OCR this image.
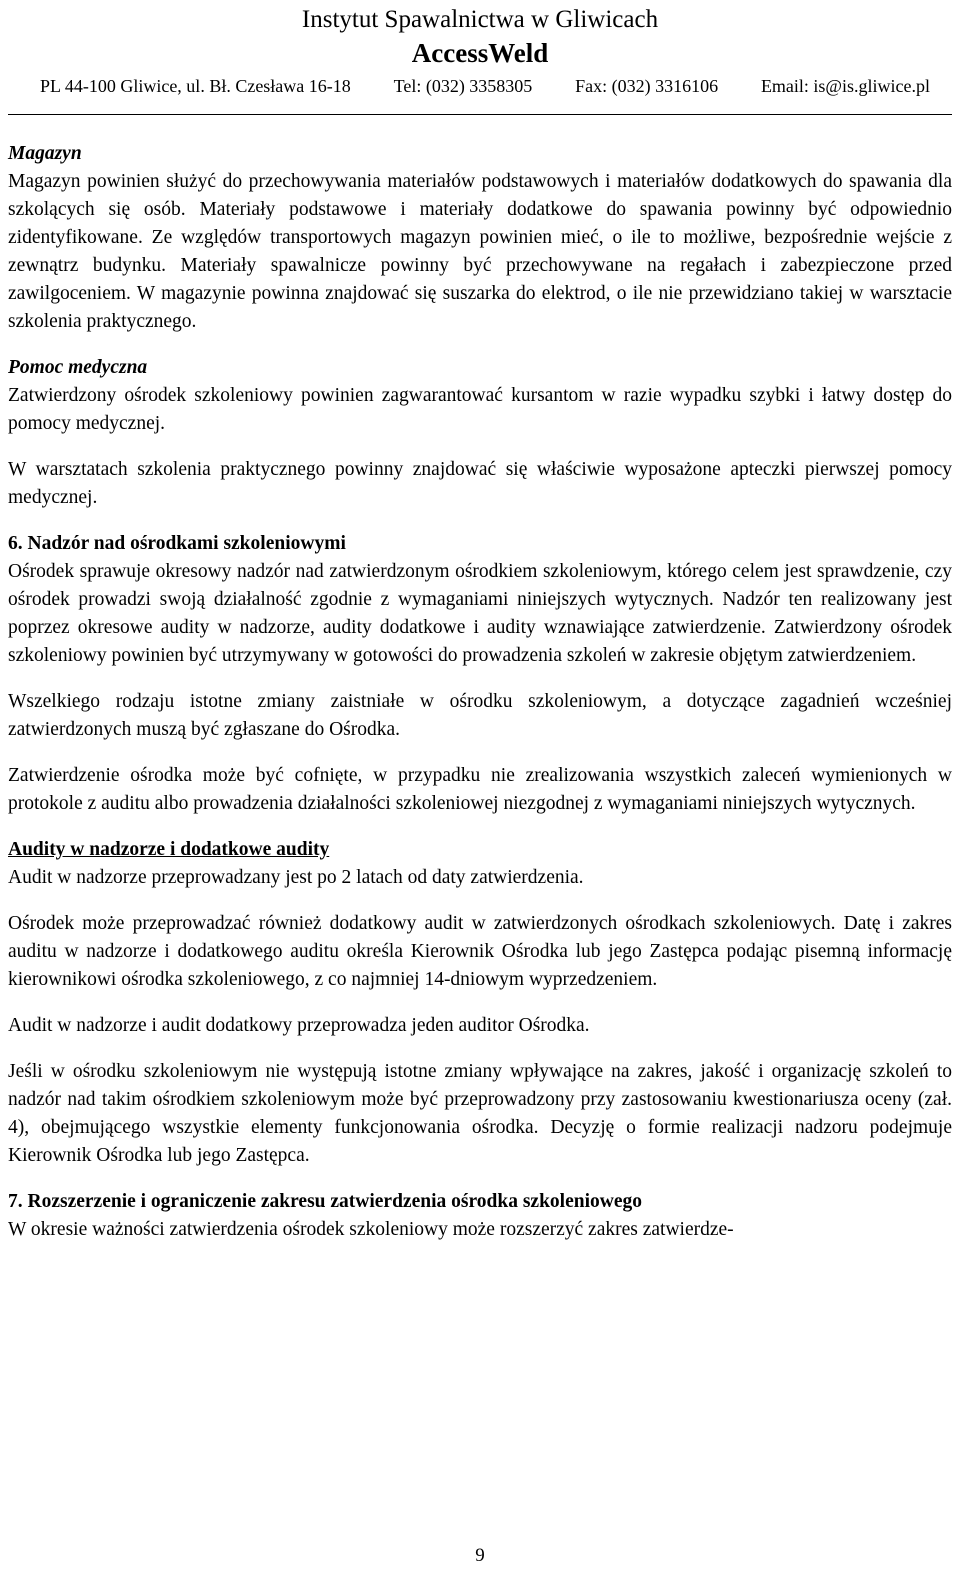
Instytut Spawalnictwa w Gliwicach
AccessWeld
PL 44-100 Gliwice, ul. Bł. Czesława 16-18 Tel: (032) 3358305 Fax: (032) 3316106 Email: is@is.gliwice.pl
Magazyn

Magazyn powinien służyć do przechowywania materiałów podstawowych i materiałów dodatkowych do spawania dla szkolących się osób. Materiały podstawowe i materiały dodatkowe do spawania powinny być odpowiednio zidentyfikowane. Ze względów transportowych magazyn powinien mieć, o ile to możliwe, bezpośrednie wejście z zewnątrz budynku. Materiały spawalnicze powinny być przechowywane na regałach i zabezpieczone przed zawilgoceniem. W magazynie powinna znajdować się suszarka do elektrod, o ile nie przewidziano takiej w warsztacie szkolenia praktycznego.

Pomoc medyczna

Zatwierdzony ośrodek szkoleniowy powinien zagwarantować kursantom w razie wypadku szybki i łatwy dostęp do pomocy medycznej.

W warsztatach szkolenia praktycznego powinny znajdować się właściwie wyposażone apteczki pierwszej pomocy medycznej.

6. Nadzór nad ośrodkami szkoleniowymi

Ośrodek sprawuje okresowy nadzór nad zatwierdzonym ośrodkiem szkoleniowym, którego celem jest sprawdzenie, czy ośrodek prowadzi swoją działalność zgodnie z wymaganiami niniejszych wytycznych. Nadzór ten realizowany jest poprzez okresowe audity w nadzorze, audity dodatkowe i audity wznawiające zatwierdzenie. Zatwierdzony ośrodek szkoleniowy powinien być utrzymywany w gotowości do prowadzenia szkoleń w zakresie objętym zatwierdzeniem.

Wszelkiego rodzaju istotne zmiany zaistniałe w ośrodku szkoleniowym, a dotyczące zagadnień wcześniej zatwierdzonych muszą być zgłaszane do Ośrodka.

Zatwierdzenie ośrodka może być cofnięte, w przypadku nie zrealizowania wszystkich zaleceń wymienionych w protokole z auditu albo prowadzenia działalności szkoleniowej niezgodnej z wymaganiami niniejszych wytycznych.

Audity w nadzorze i dodatkowe audity

Audit w nadzorze przeprowadzany jest po 2 latach od daty zatwierdzenia.

Ośrodek może przeprowadzać również dodatkowy audit w zatwierdzonych ośrodkach szkoleniowych. Datę i zakres auditu w nadzorze i dodatkowego auditu określa Kierownik Ośrodka lub jego Zastępca podając pisemną informację kierownikowi ośrodka szkoleniowego, z co najmniej 14-dniowym wyprzedzeniem.

Audit w nadzorze i audit dodatkowy przeprowadza jeden auditor Ośrodka.

Jeśli w ośrodku szkoleniowym nie występują istotne zmiany wpływające na zakres, jakość i organizację szkoleń to nadzór nad takim ośrodkiem szkoleniowym może być przeprowadzony przy zastosowaniu kwestionariusza oceny (zał. 4), obejmującego wszystkie elementy funkcjonowania ośrodka. Decyzję o formie realizacji nadzoru podejmuje Kierownik Ośrodka lub jego Zastępca.

7. Rozszerzenie i ograniczenie zakresu zatwierdzenia ośrodka szkoleniowego

W okresie ważności zatwierdzenia ośrodek szkoleniowy może rozszerzyć zakres zatwierdze-

9
